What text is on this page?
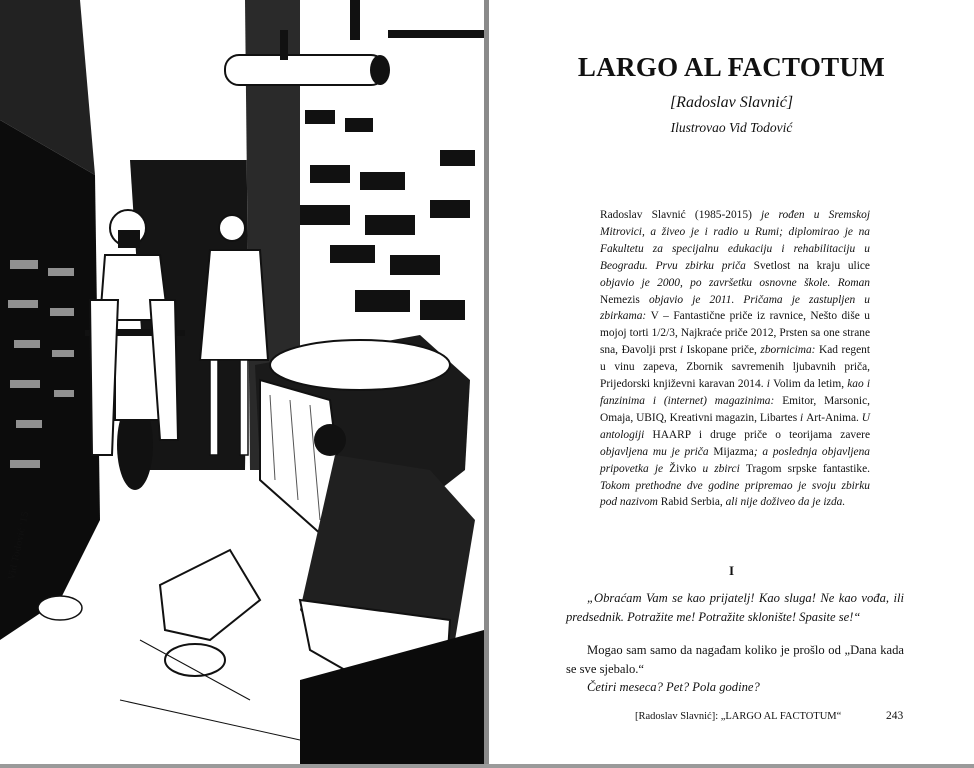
Vid Todović '15
LARGO AL FACTOTUM
[Radoslav Slavnić]
Ilustrovao Vid Todović
Radoslav Slavnić (1985-2015) je rođen u Sremskoj Mitrovici, a živeo je i radio u Rumi; diplomirao je na Fakultetu za specijalnu edukaciju i rehabilitaciju u Beogradu. Prvu zbirku priča Svetlost na kraju ulice objavio je 2000, po završetku osnovne škole. Roman Nemezis objavio je 2011. Pričama je zastupljen u zbirkama: V – Fantastične priče iz ravnice, Nešto diše u mojoj torti 1/2/3, Najkraće priče 2012, Prsten sa one strane sna, Đavolji prst i Iskopane priče, zbornicima: Kad regent u vinu zapeva, Zbornik savremenih ljubavnih priča, Prijedorski književni karavan 2014. i Volim da letim, kao i fanzinima i (internet) magazinima: Emitor, Marsonic, Omaja, UBIQ, Kreativni magazin, Libartes i Art-Anima. U antologiji HAARP i druge priče o teorijama zavere objavljena mu je priča Mijazma; a poslednja objavljena pripovetka je Živko u zbirci Tragom srpske fantastike. Tokom prethodne dve godine pripremao je svoju zbirku pod nazivom Rabid Serbia, ali nije doživeo da je izda.
I

„Obraćam Vam se kao prijatelj! Kao sluga! Ne kao vođa, ili predsednik. Potražite me! Potražite sklonište! Spasite se!“

Mogao sam samo da nagađam koliko je prošlo od „Dana kada se sve sjebalo.“

Četiri meseca? Pet? Pola godine?

[Radoslav Slavnić]: „LARGO AL FACTOTUM“	243
